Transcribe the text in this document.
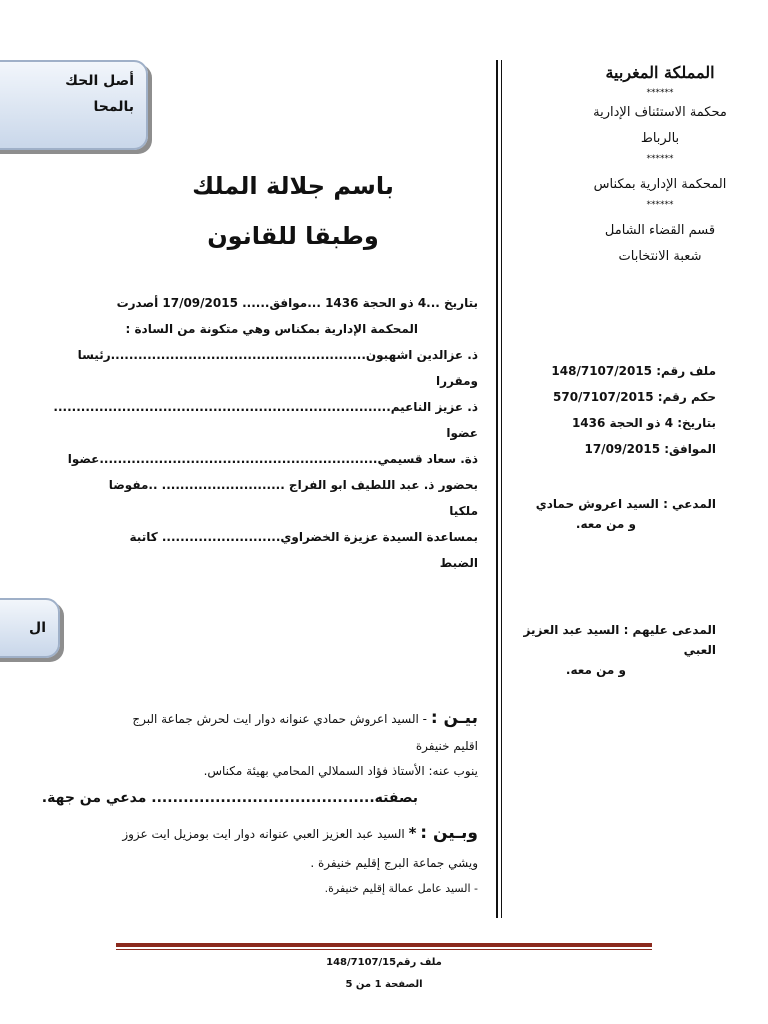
المملكة المغربية
******
محكمة الاستئناف الإدارية
بالرباط
******
المحكمة الإدارية بمكناس
******
قسم القضاء الشامل
شعبة الانتخابات
ملف رقم: 148/7107/2015
حكم رقم: 570/7107/2015
بتاريخ: 4 ذو الحجة 1436
الموافق: 17/09/2015
المدعي : السيد اعروش حمادي
و من معه.
المدعى عليهم : السيد عبد العزيز
العبي
و من معه.
أصل الحك
بالمحا
ال
باسم جلالة الملك
وطبقا للقانون
بتاريخ ...4 ذو الحجة 1436 ...موافق...... 17/09/2015 أصدرت
المحكمة الإدارية بمكناس وهي متكونة من السادة :
ذ. عزالدين اشهبون........................................................رئيسا
ومقررا
ذ. عزيز الناعيم..........................................................................
عضوا
ذة. سعاد قسيمي.............................................................عضوا
بحضور ذ. عبد اللطيف ابو الفراج ........................... ..مفوضا
ملكيا
بمساعدة السيدة عزيزة الخضراوي.......................... كاتبة
الضبط
بيـن : - السيد اعروش حمادي عنوانه دوار ايت لحرش جماعة البرج
اقليم خنيفرة
ينوب عنه: الأستاذ فؤاد السملالي المحامي بهيئة مكناس.
بصفته.......................................... مدعي من جهة.
وبـين : * السيد عبد العزيز العبي عنوانه دوار ايت بومزيل ايت عزوز
ويشي جماعة البرج إقليم خنيفرة .
- السيد عامل عمالة إقليم خنيفرة.
ملف رقم148/7107/15
الصفحة 1 من 5
